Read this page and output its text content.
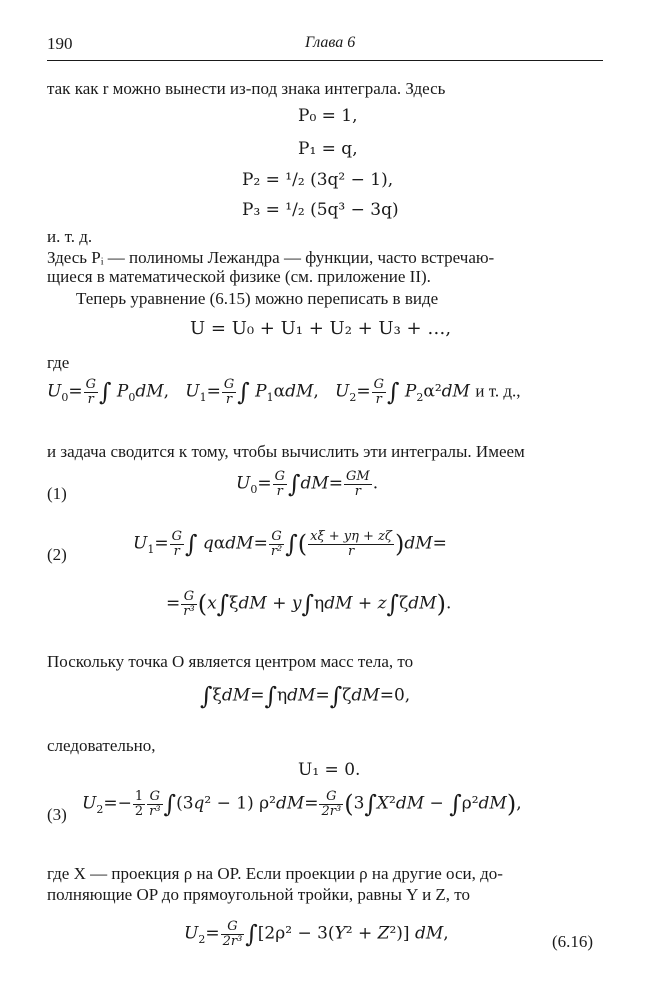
190	Глава 6
так как r можно вынести из-под знака интеграла. Здесь
P₀ = 1,
P₁ = q,
P₂ = ¹/₂ (3q² − 1),
P₃ = ¹/₂ (5q³ − 3q)
и. т. д.
Здесь Pᵢ — полиномы Лежандра — функции, часто встречаю-
щиеся в математической физике (см. приложение II).
Теперь уравнение (6.15) можно переписать в виде
U = U₀ + U₁ + U₂ + U₃ + …,
где
$U_0= \frac{G}{r}$ ∫ $P_0dM$,   $U_1= \frac{G}{r}$ ∫ $P_1\alpha dM$,   $U_2= \frac{G}{r}$ ∫ $P_2\alpha^2dM$ и т. д.,
и задача сводится к тому, чтобы вычислить эти интегралы. Имеем
(1)	$U_0= \frac{G}{r} \int dM= \frac{GM}{r}$ .
(2)
$U_1= \frac{G}{r}$ ∫ $q\alpha dM= \frac{G}{\text{r²}}$ ∫( $\frac{x\xi + y\eta + z\zeta}{r} )dM=$
= $\frac{G}{\text{r³}} (x\int\xi dM + y\int\eta dM + z\int\zeta dM)$.
Поскольку точка О является центром масс тела, то
∫ξdM=∫ηdM=∫ζdM=0,
следовательно,
U₁ = 0.
(3)
$U_2=- \frac{1}{2} \frac{G}{\text{r³}} \int(3q^2 - 1)$ $\rho^2dM= \frac{G}{\text{2r³}} (3\int X^2dM - \int\rho^2dM)$,
где X — проекция ρ на OP. Если проекции ρ на другие оси, до-
полняющие OP до прямоугольной тройки, равны Y и Z, то
$U_2= \frac{G}{\text{2r³}} \int[2\rho^2 - 3(Y^2 + Z^2)]$ dM,	(6.16)
